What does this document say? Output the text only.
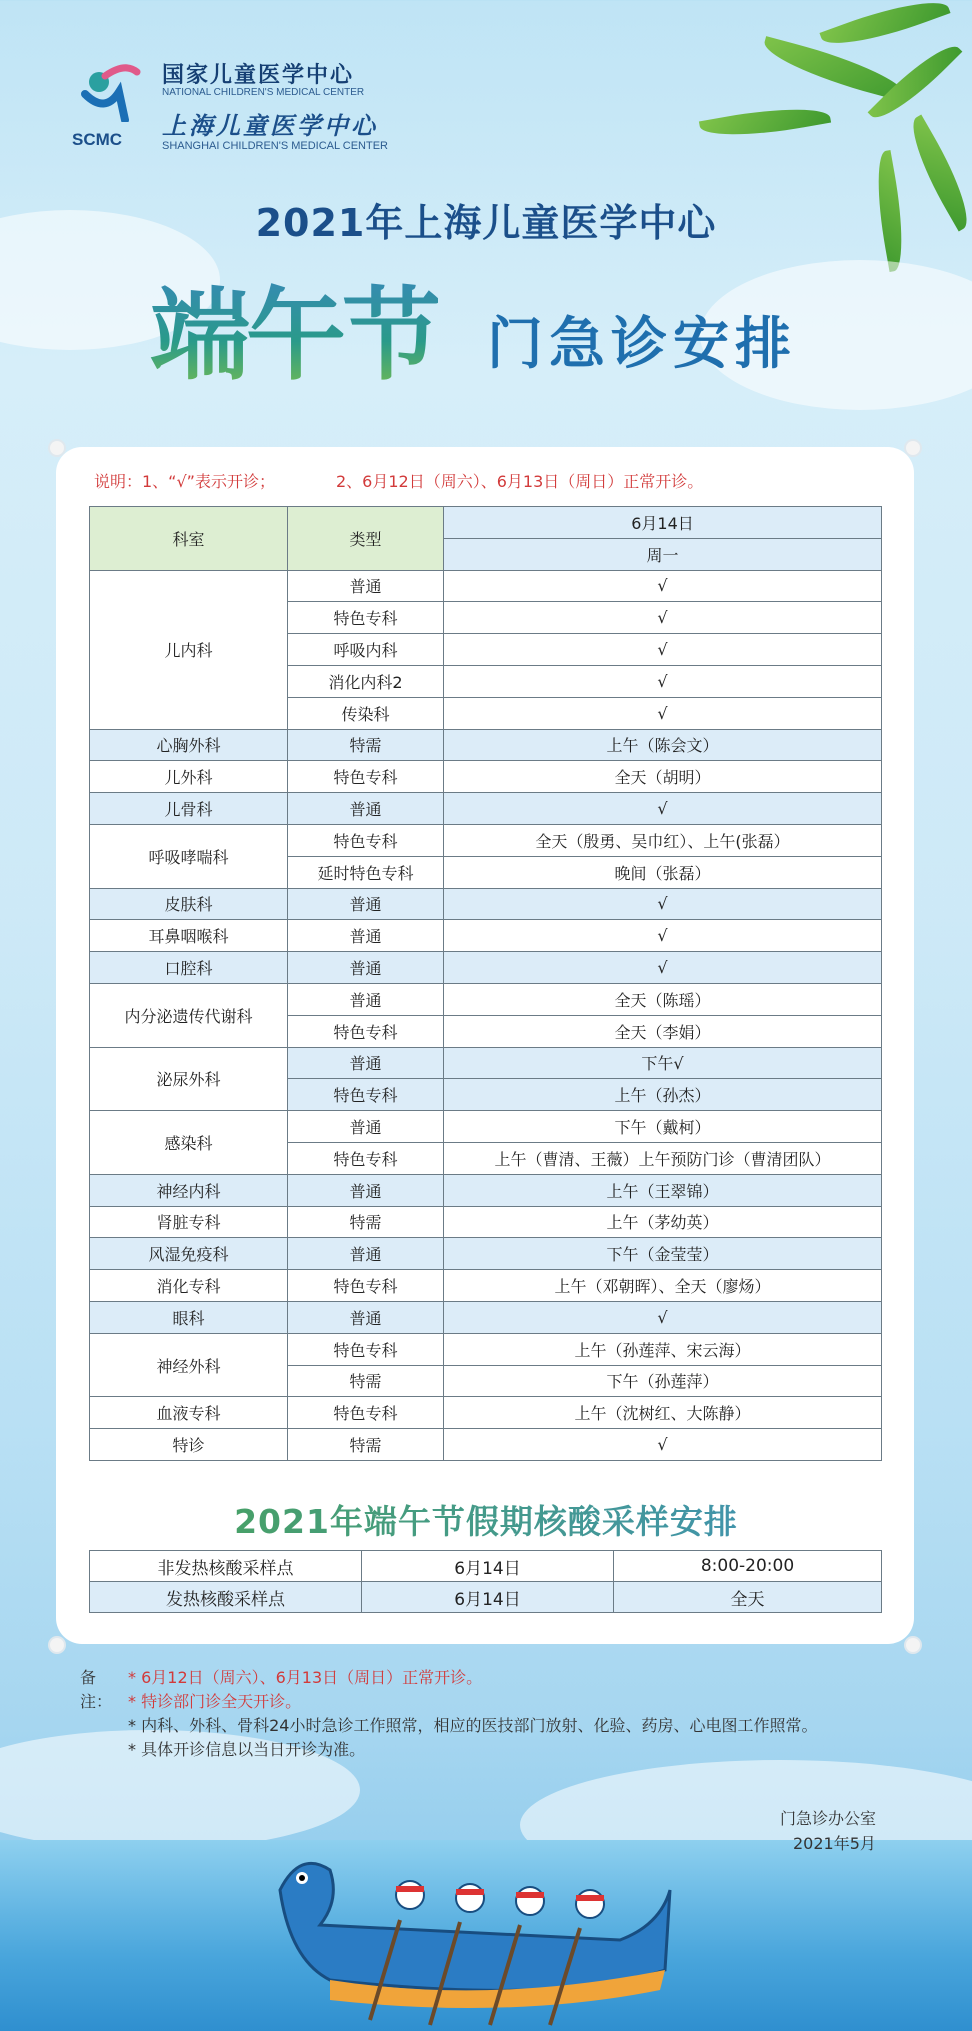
SCMC
国家儿童医学中心
NATIONAL CHILDREN'S MEDICAL CENTER
上海儿童医学中心
SHANGHAI CHILDREN'S MEDICAL CENTER
2021年上海儿童医学中心
端午节 门急诊安排
说明：1、“√”表示开诊；            2、6月12日（周六）、6月13日（周日）正常开诊。
科室	类型	6月14日
		周一
儿内科	普通	√
	特色专科	√
	呼吸内科	√
	消化内科2	√
	传染科	√
心胸外科	特需	上午（陈会文）
儿外科	特色专科	全天（胡明）
儿骨科	普通	√
呼吸哮喘科	特色专科	全天（殷勇、吴巾红）、上午(张磊）
	延时特色专科	晚间（张磊）
皮肤科	普通	√
耳鼻咽喉科	普通	√
口腔科	普通	√
内分泌遗传代谢科	普通	全天（陈瑶）
	特色专科	全天（李娟）
泌尿外科	普通	下午√
	特色专科	上午（孙杰）
感染科	普通	下午（戴柯）
	特色专科	上午（曹清、王薇）上午预防门诊（曹清团队）
神经内科	普通	上午（王翠锦）
肾脏专科	特需	上午（茅幼英）
风湿免疫科	普通	下午（金莹莹）
消化专科	特色专科	上午（邓朝晖）、全天（廖炀）
眼科	普通	√
神经外科	特色专科	上午（孙莲萍、宋云海）
	特需	下午（孙莲萍）
血液专科	特色专科	上午（沈树红、大陈静）
特诊	特需	√
2021年端午节假期核酸采样安排
非发热核酸采样点	6月14日	8:00-20:00
发热核酸采样点	6月14日	全天
备注：
* 6月12日（周六）、6月13日（周日）正常开诊。
* 特诊部门诊全天开诊。
* 内科、外科、骨科24小时急诊工作照常，相应的医技部门放射、化验、药房、心电图工作照常。
* 具体开诊信息以当日开诊为准。
门急诊办公室
2021年5月
